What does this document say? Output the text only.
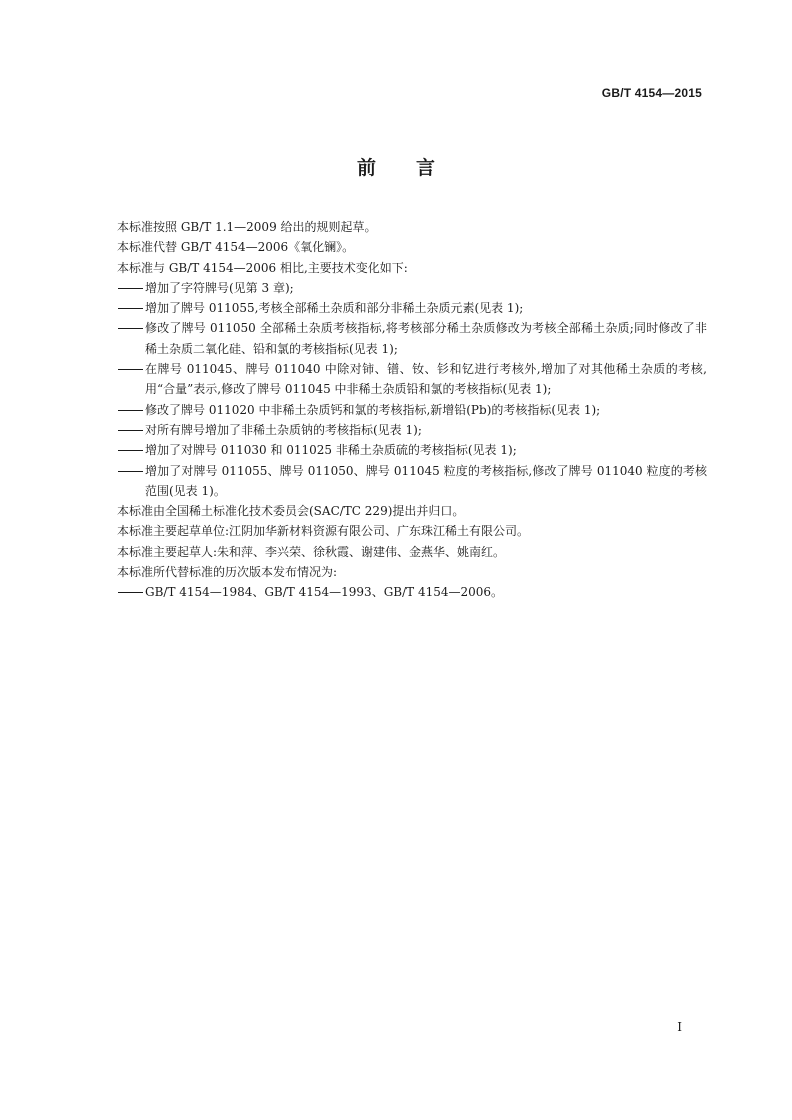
GB/T 4154—2015
前言

本标准按照 GB/T 1.1—2009 给出的规则起草。

本标准代替 GB/T 4154—2006《氧化镧》。

本标准与 GB/T 4154—2006 相比,主要技术变化如下:

增加了字符牌号(见第 3 章);
增加了牌号 011055,考核全部稀土杂质和部分非稀土杂质元素(见表 1);
修改了牌号 011050 全部稀土杂质考核指标,将考核部分稀土杂质修改为考核全部稀土杂质;同时修改了非稀土杂质二氧化硅、铅和氯的考核指标(见表 1);
在牌号 011045、牌号 011040 中除对铈、镨、钕、钐和钇进行考核外,增加了对其他稀土杂质的考核,用“合量”表示,修改了牌号 011045 中非稀土杂质铅和氯的考核指标(见表 1);
修改了牌号 011020 中非稀土杂质钙和氯的考核指标,新增铅(Pb)的考核指标(见表 1);
对所有牌号增加了非稀土杂质钠的考核指标(见表 1);
增加了对牌号 011030 和 011025 非稀土杂质硫的考核指标(见表 1);
增加了对牌号 011055、牌号 011050、牌号 011045 粒度的考核指标,修改了牌号 011040 粒度的考核范围(见表 1)。

本标准由全国稀土标准化技术委员会(SAC/TC 229)提出并归口。

本标准主要起草单位:江阴加华新材料资源有限公司、广东珠江稀土有限公司。

本标准主要起草人:朱和萍、李兴荣、徐秋霞、谢建伟、金燕华、姚南红。

本标准所代替标准的历次版本发布情况为:

GB/T 4154—1984、GB/T 4154—1993、GB/T 4154—2006。
I
